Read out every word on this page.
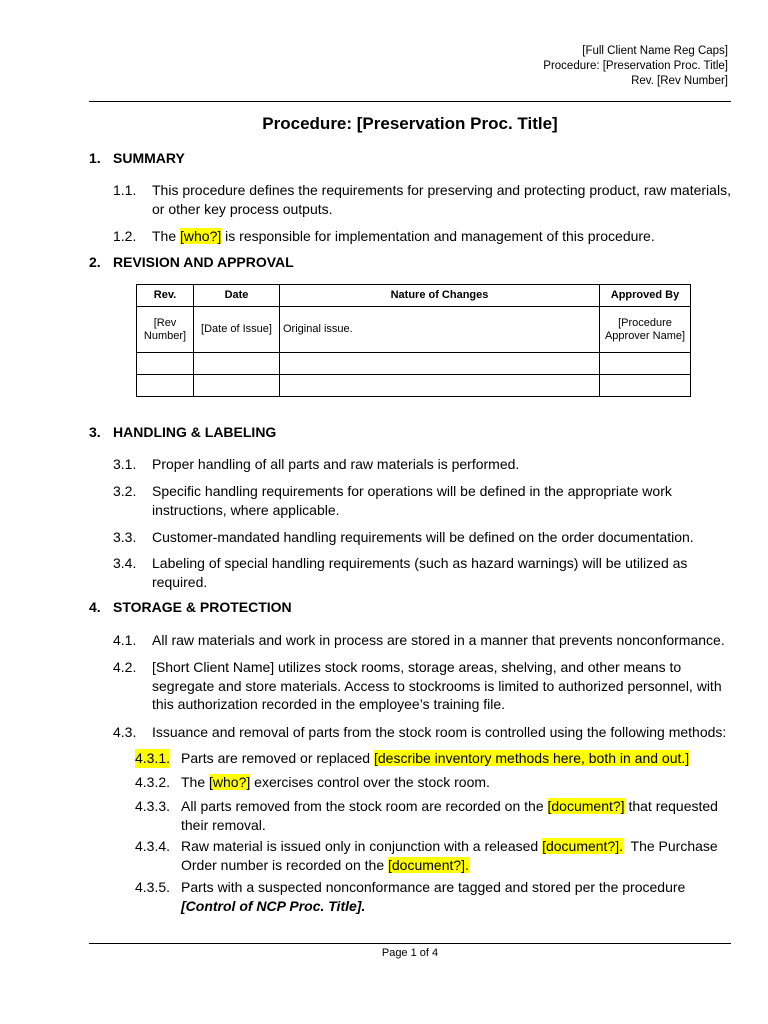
[Full Client Name Reg Caps]
Procedure: [Preservation Proc. Title]
Rev. [Rev Number]
Procedure: [Preservation Proc. Title]
1. SUMMARY
1.1. This procedure defines the requirements for preserving and protecting product, raw materials, or other key process outputs.
1.2. The [who?] is responsible for implementation and management of this procedure.
2. REVISION AND APPROVAL
Rev.	Date	Nature of Changes	Approved By
[Rev Number]	[Date of Issue]	Original issue.	[Procedure Approver Name]

3. HANDLING & LABELING
3.1. Proper handling of all parts and raw materials is performed.
3.2. Specific handling requirements for operations will be defined in the appropriate work instructions, where applicable.
3.3. Customer-mandated handling requirements will be defined on the order documentation.
3.4. Labeling of special handling requirements (such as hazard warnings) will be utilized as required.
4. STORAGE & PROTECTION
4.1. All raw materials and work in process are stored in a manner that prevents nonconformance.
4.2. [Short Client Name] utilizes stock rooms, storage areas, shelving, and other means to segregate and store materials. Access to stockrooms is limited to authorized personnel, with this authorization recorded in the employee’s training file.
4.3. Issuance and removal of parts from the stock room is controlled using the following methods:
4.3.1. Parts are removed or replaced [describe inventory methods here, both in and out.]
4.3.2. The [who?] exercises control over the stock room.
4.3.3. All parts removed from the stock room are recorded on the [document?] that requested their removal.
4.3.4. Raw material is issued only in conjunction with a released [document?].  The Purchase Order number is recorded on the [document?].
4.3.5. Parts with a suspected nonconformance are tagged and stored per the procedure [Control of NCP Proc. Title].
Page 1 of 4
